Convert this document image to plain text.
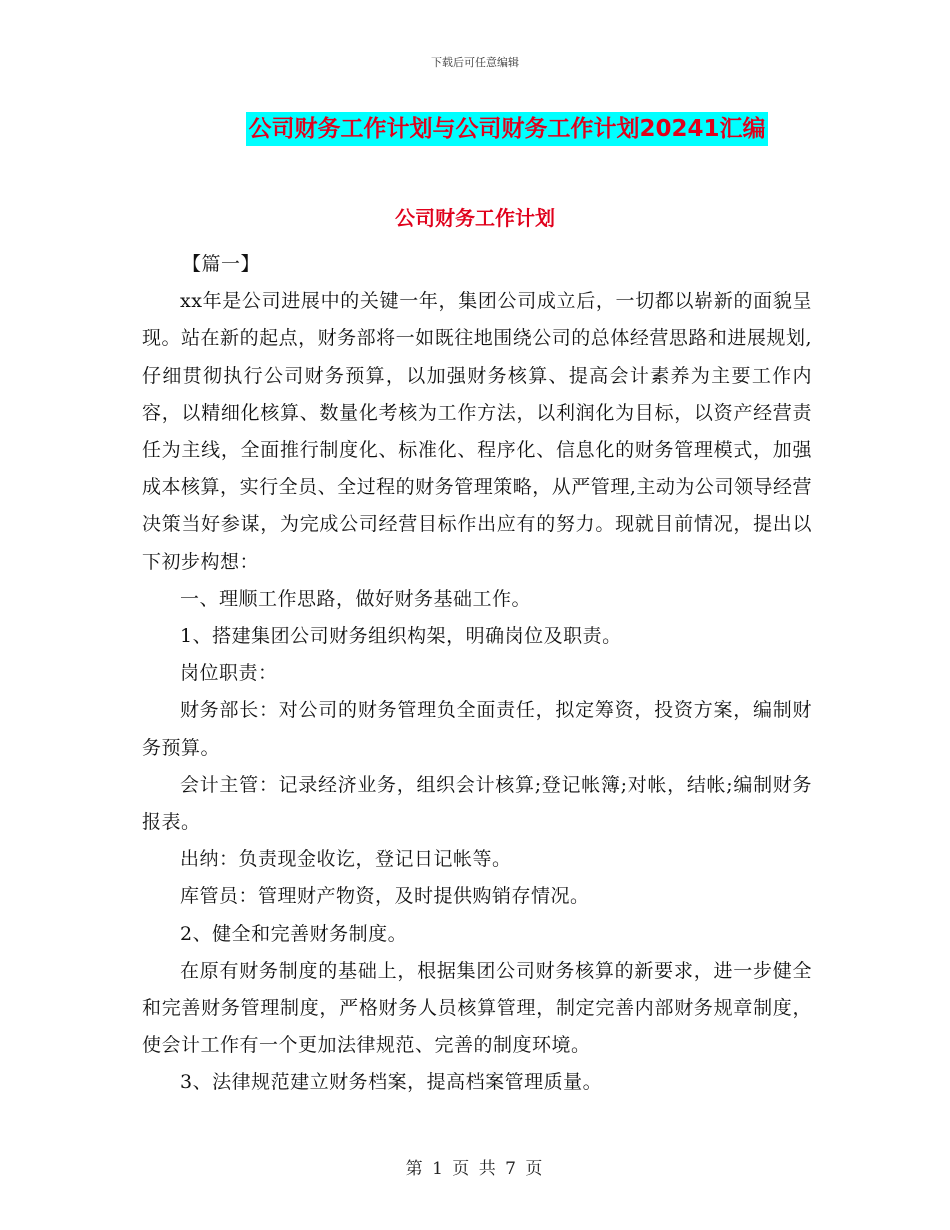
下载后可任意编辑
公司财务工作计划与公司财务工作计划20241汇编
公司财务工作计划

【篇一】

xx年是公司进展中的关键一年，集团公司成立后，一切都以崭新的面貌呈现。站在新的起点，财务部将一如既往地围绕公司的总体经营思路和进展规划,仔细贯彻执行公司财务预算，以加强财务核算、提高会计素养为主要工作内容，以精细化核算、数量化考核为工作方法，以利润化为目标，以资产经营责任为主线，全面推行制度化、标准化、程序化、信息化的财务管理模式，加强成本核算，实行全员、全过程的财务管理策略，从严管理,主动为公司领导经营决策当好参谋，为完成公司经营目标作出应有的努力。现就目前情况，提出以下初步构想：

一、理顺工作思路，做好财务基础工作。

1、搭建集团公司财务组织构架，明确岗位及职责。

岗位职责：

财务部长：对公司的财务管理负全面责任，拟定筹资，投资方案，编制财务预算。

会计主管：记录经济业务，组织会计核算;登记帐簿;对帐，结帐;编制财务报表。

出纳：负责现金收讫，登记日记帐等。

库管员：管理财产物资，及时提供购销存情况。

2、健全和完善财务制度。

在原有财务制度的基础上，根据集团公司财务核算的新要求，进一步健全和完善财务管理制度，严格财务人员核算管理，制定完善内部财务规章制度，使会计工作有一个更加法律规范、完善的制度环境。

3、法律规范建立财务档案，提高档案管理质量。

第 1 页 共 7 页
